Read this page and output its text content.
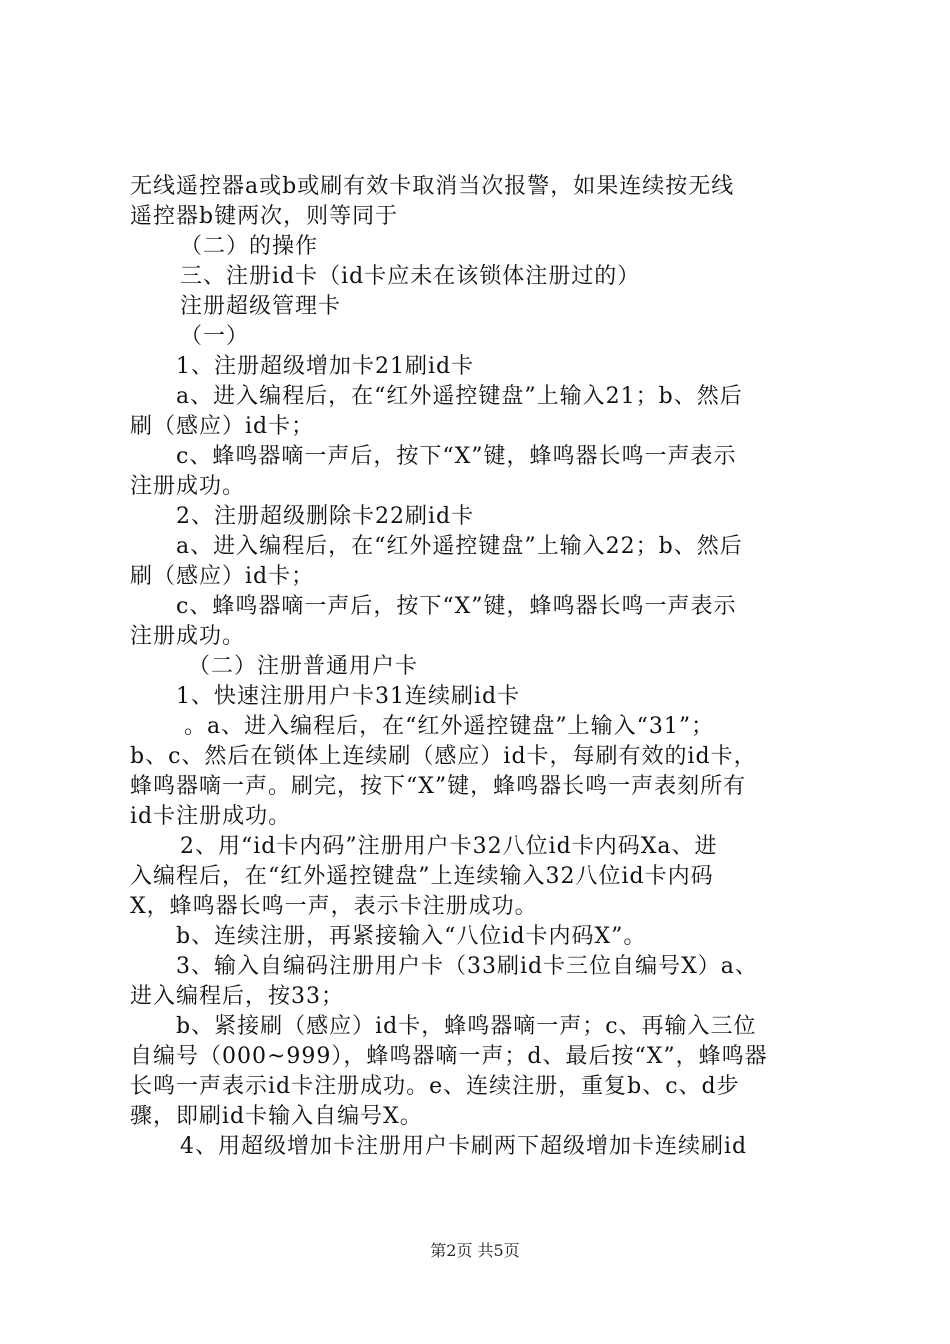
无线遥控器a或b或刷有效卡取消当次报警，如果连续按无线
遥控器b键两次，则等同于
（二）的操作
三、注册id卡（id卡应未在该锁体注册过的）
注册超级管理卡
（一）
1、注册超级增加卡21刷id卡
a、进入编程后，在“红外遥控键盘”上输入21；b、然后
刷（感应）id卡；
c、蜂鸣器嘀一声后，按下“X”键，蜂鸣器长鸣一声表示
注册成功。
2、注册超级删除卡22刷id卡
a、进入编程后，在“红外遥控键盘”上输入22；b、然后
刷（感应）id卡；
c、蜂鸣器嘀一声后，按下“X”键，蜂鸣器长鸣一声表示
注册成功。
（二）注册普通用户卡
1、快速注册用户卡31连续刷id卡
。a、进入编程后，在“红外遥控键盘”上输入“31”；
b、c、然后在锁体上连续刷（感应）id卡，每刷有效的id卡，
蜂鸣器嘀一声。刷完，按下“X”键，蜂鸣器长鸣一声表刻所有
id卡注册成功。
2、用“id卡内码”注册用户卡32八位id卡内码Xa、进
入编程后，在“红外遥控键盘”上连续输入32八位id卡内码
X，蜂鸣器长鸣一声，表示卡注册成功。
b、连续注册，再紧接输入“八位id卡内码X”。
3、输入自编码注册用户卡（33刷id卡三位自编号X）a、
进入编程后，按33；
b、紧接刷（感应）id卡，蜂鸣器嘀一声；c、再输入三位
自编号（000~999），蜂鸣器嘀一声；d、最后按“X”，蜂鸣器
长鸣一声表示id卡注册成功。e、连续注册，重复b、c、d步
骤，即刷id卡输入自编号X。
4、用超级增加卡注册用户卡刷两下超级增加卡连续刷id
第2页 共5页
